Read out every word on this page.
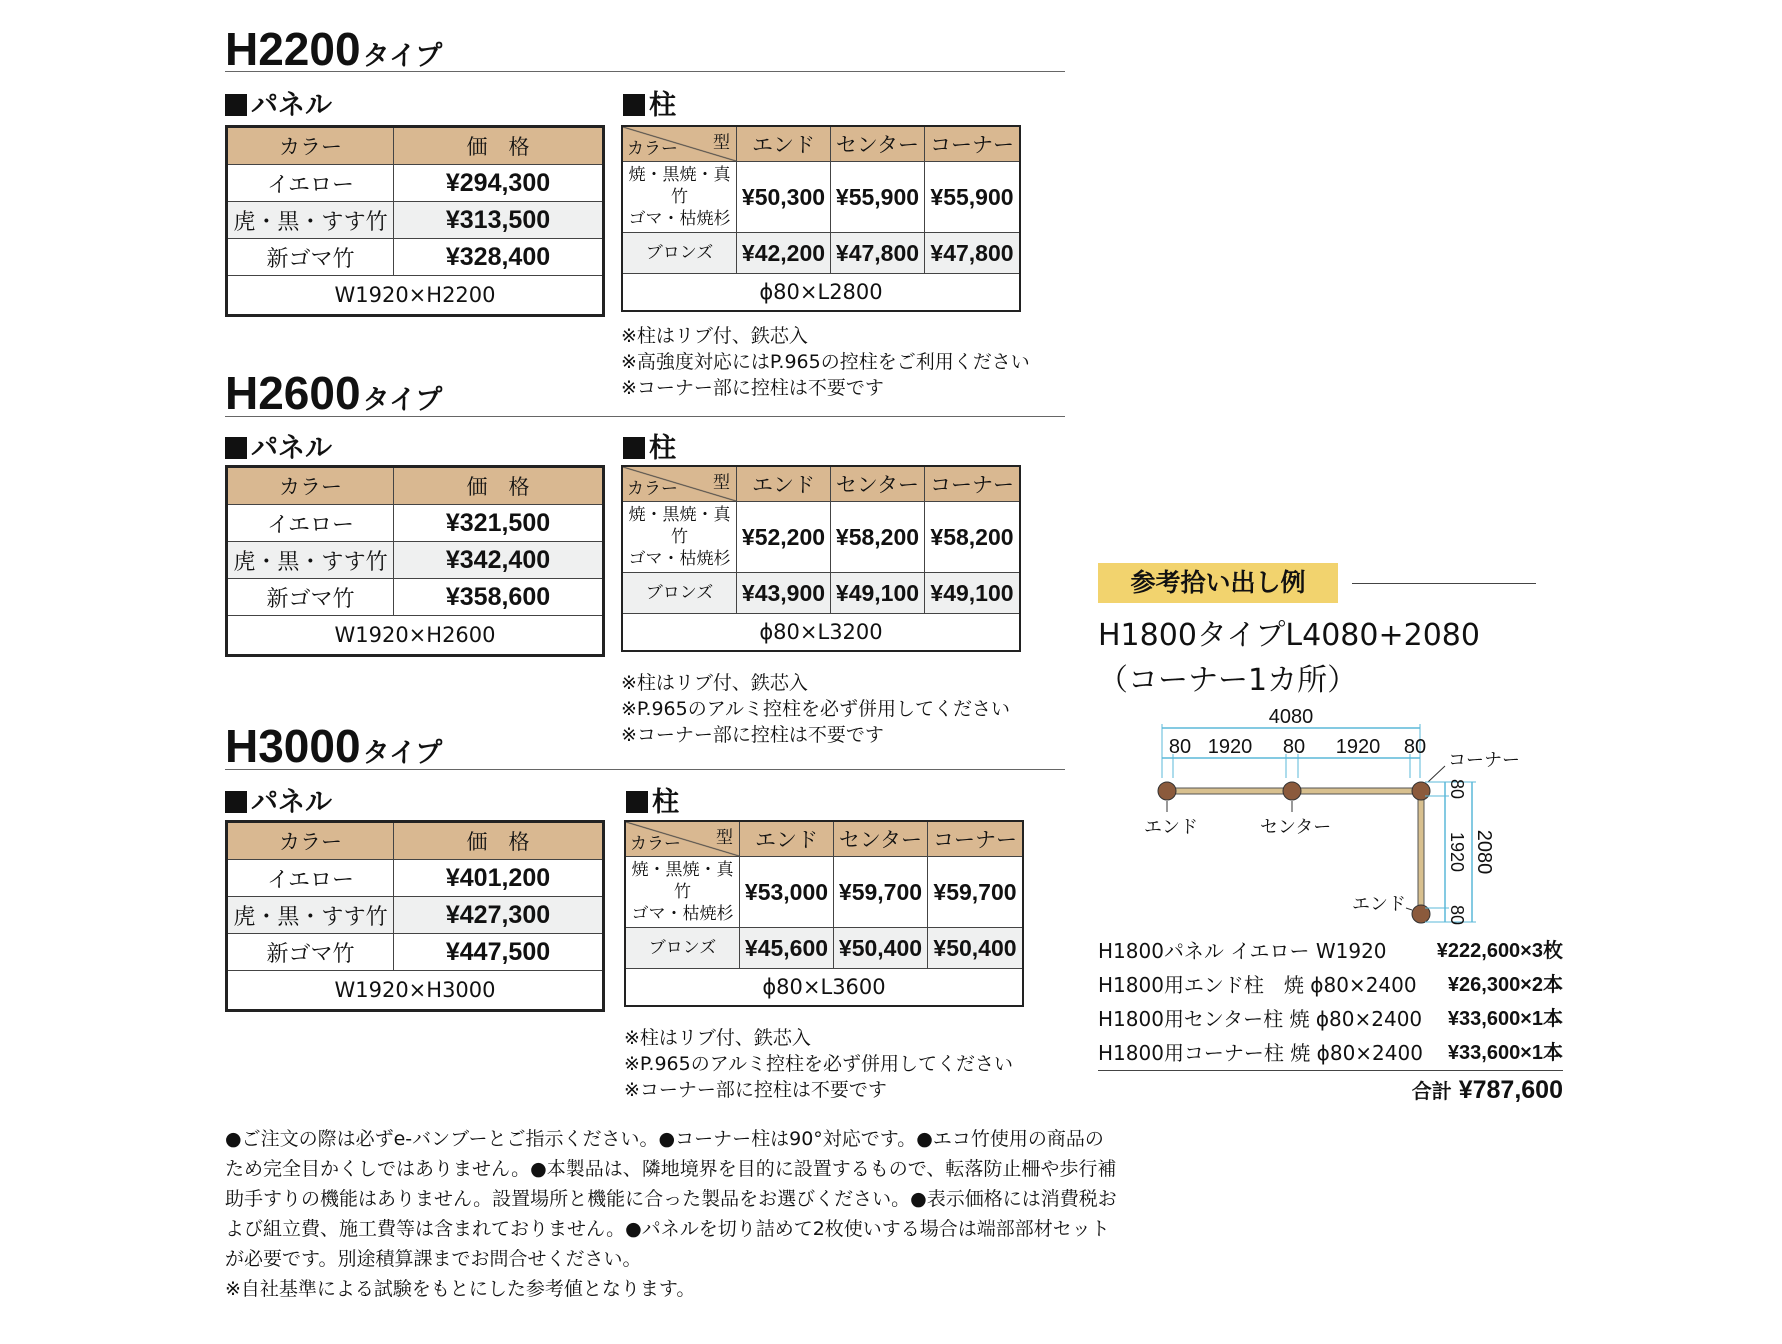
H2200タイプ
パネル	柱
カラー	価　格
イエロー	¥294,300
虎・黒・すす竹	¥313,500
新ゴマ竹	¥328,400
W1920×H2200	
カラー 型	エンド	センター	コーナー

焼・黒焼・真竹
ゴマ・枯焼杉	¥50,300	¥55,900	¥55,900
ブロンズ	¥42,200	¥47,800	¥47,800
ϕ80×L2800			
※柱はリブ付、鉄芯入
※高強度対応にはP.965の控柱をご利用ください
※コーナー部に控柱は不要です
H2600タイプ
パネル	柱
カラー	価　格
イエロー	¥321,500
虎・黒・すす竹	¥342,400
新ゴマ竹	¥358,600
W1920×H2600	
カラー 型	エンド	センター	コーナー

焼・黒焼・真竹
ゴマ・枯焼杉	¥52,200	¥58,200	¥58,200
ブロンズ	¥43,900	¥49,100	¥49,100
ϕ80×L3200			
※柱はリブ付、鉄芯入
※P.965のアルミ控柱を必ず併用してください
※コーナー部に控柱は不要です
H3000タイプ
パネル	柱
カラー	価　格
イエロー	¥401,200
虎・黒・すす竹	¥427,300
新ゴマ竹	¥447,500
W1920×H3000	
カラー 型	エンド	センター	コーナー

焼・黒焼・真竹
ゴマ・枯焼杉	¥53,000	¥59,700	¥59,700
ブロンズ	¥45,600	¥50,400	¥50,400
ϕ80×L3600			
※柱はリブ付、鉄芯入
※P.965のアルミ控柱を必ず併用してください
※コーナー部に控柱は不要です
参考拾い出し例
H1800タイプL4080+2080
（コーナー1カ所）
4080
80 1920 80 1920 80
コーナー
エンド	センター
エンド
80
1920
80
2080
H1800パネル イエロー W1920	¥222,600×3枚
H1800用エンド柱　焼 ϕ80×2400 ¥26,300×2本
H1800用センター柱 焼 ϕ80×2400 ¥33,600×1本
H1800用コーナー柱 焼 ϕ80×2400 ¥33,600×1本
合計 ¥787,600
●ご注文の際は必ずe-バンブーとご指示ください。●コーナー柱は90°対応です。●エコ竹使用の商品の
ため完全目かくしではありません。●本製品は、隣地境界を目的に設置するもので、転落防止柵や歩行補
助手すりの機能はありません。設置場所と機能に合った製品をお選びください。●表示価格には消費税お
よび組立費、施工費等は含まれておりません。●パネルを切り詰めて2枚使いする場合は端部部材セット
が必要です。別途積算課までお問合せください。
※自社基準による試験をもとにした参考値となります。
